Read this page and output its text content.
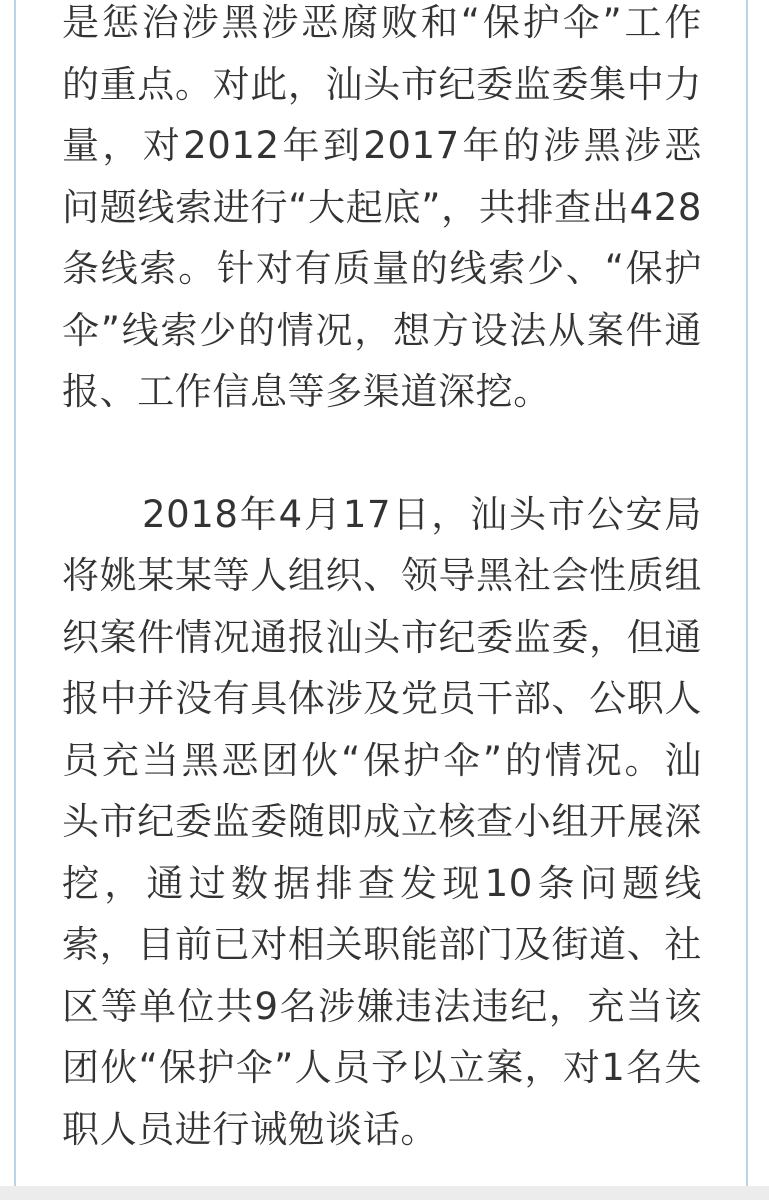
是惩治涉黑涉恶腐败和“保护伞”工作的重点。对此，汕头市纪委监委集中力量，对2012年到2017年的涉黑涉恶问题线索进行“大起底”，共排查出428条线索。针对有质量的线索少、“保护伞”线索少的情况，想方设法从案件通报、工作信息等多渠道深挖。

2018年4月17日，汕头市公安局将姚某某等人组织、领导黑社会性质组织案件情况通报汕头市纪委监委，但通报中并没有具体涉及党员干部、公职人员充当黑恶团伙“保护伞”的情况。汕头市纪委监委随即成立核查小组开展深挖，通过数据排查发现10条问题线索，目前已对相关职能部门及街道、社区等单位共9名涉嫌违法违纪，充当该团伙“保护伞”人员予以立案，对1名失职人员进行诫勉谈话。
